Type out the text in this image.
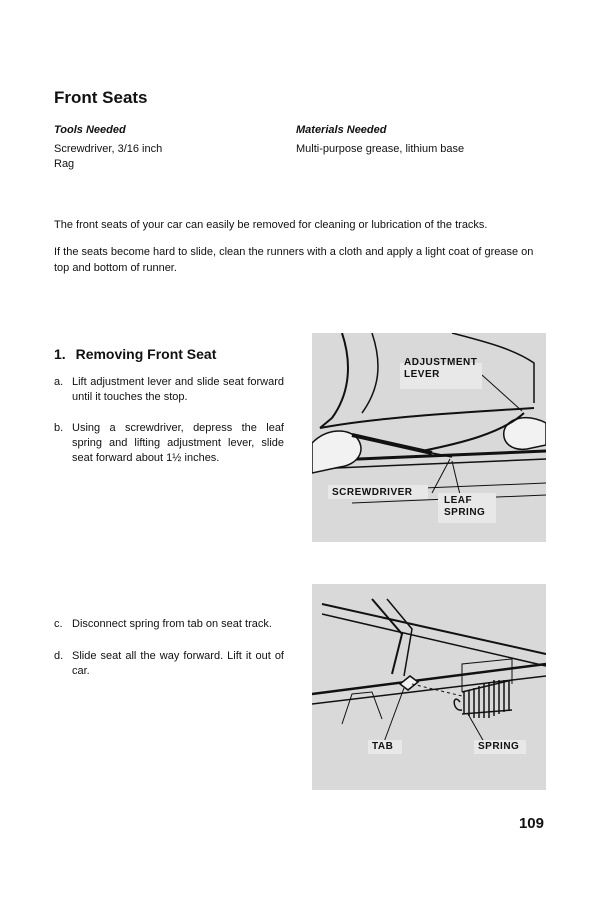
Front Seats
Tools Needed
Screwdriver, 3/16 inch
Rag
Materials Needed
Multi-purpose grease, lithium base
The front seats of your car can easily be removed for cleaning or lubrication of the tracks.
If the seats become hard to slide, clean the runners with a cloth and apply a light coat of grease on top and bottom of runner.
1. Removing Front Seat
a. Lift adjustment lever and slide seat forward until it touches the stop.
b. Using a screwdriver, depress the leaf spring and lifting adjustment lever, slide seat forward about 1½ inches.
c. Disconnect spring from tab on seat track.
d. Slide seat all the way forward. Lift it out of car.
ADJUSTMENT
LEVER
SCREWDRIVER
LEAF
SPRING
TAB	SPRING
109
